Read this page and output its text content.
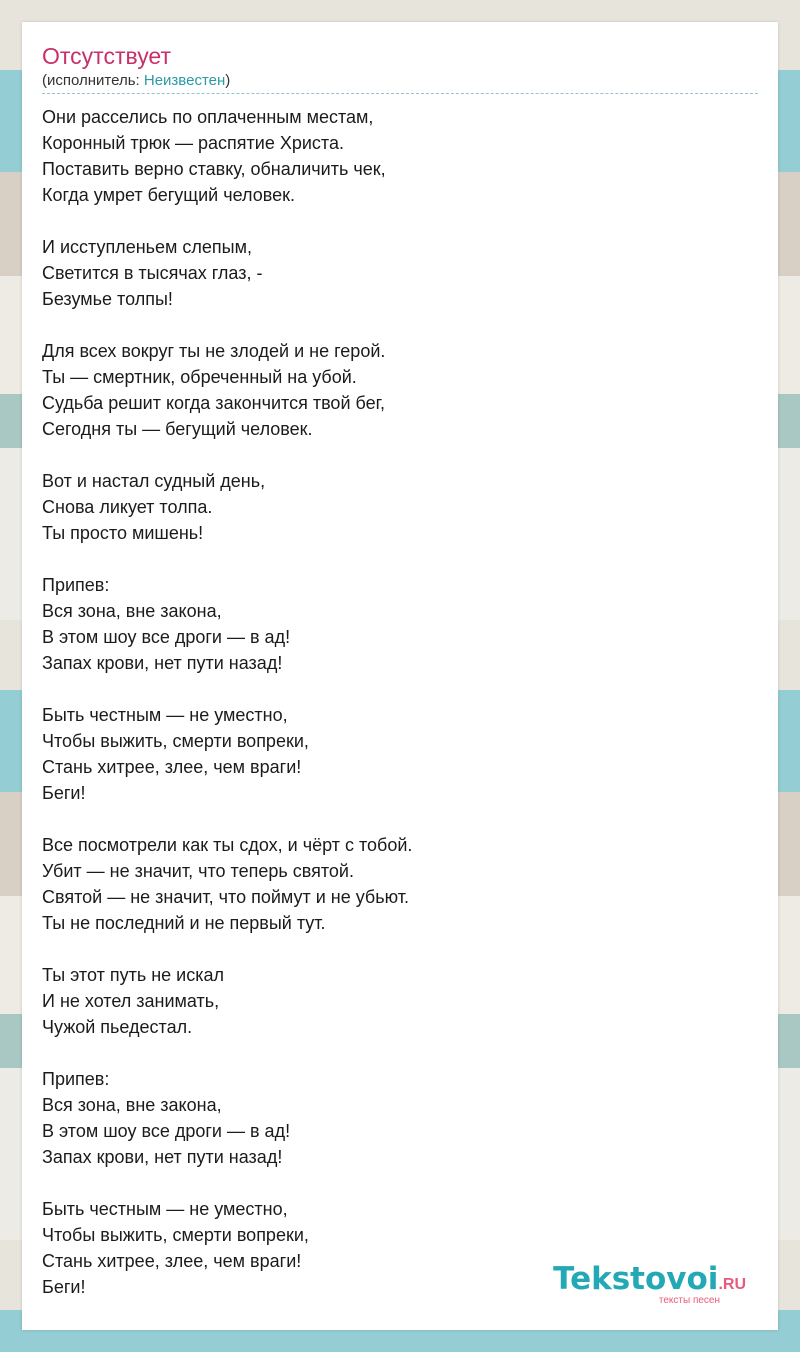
Отсутствует
(исполнитель: Неизвестен)
Они расселись по оплаченным местам,
Коронный трюк — распятие Христа.
Поставить верно ставку, обналичить чек,
Когда умрет бегущий человек.
И исступленьем слепым,
Светится в тысячах глаз, -
Безумье толпы!
Для всех вокруг ты не злодей и не герой.
Ты — смертник, обреченный на убой.
Судьба решит когда закончится твой бег,
Сегодня ты — бегущий человек.
Вот и настал судный день,
Снова ликует толпа.
Ты просто мишень!
Припев:
Вся зона, вне закона,
В этом шоу все дроги — в ад!
Запах крови, нет пути назад!
Быть честным — не уместно,
Чтобы выжить, смерти вопреки,
Стань хитрее, злее, чем враги!
Беги!
Все посмотрели как ты сдох, и чёрт с тобой.
Убит — не значит, что теперь святой.
Святой — не значит, что поймут и не убьют.
Ты не последний и не первый тут.
Ты этот путь не искал
И не хотел занимать,
Чужой пьедестал.
Припев:
Вся зона, вне закона,
В этом шоу все дроги — в ад!
Запах крови, нет пути назад!
Быть честным — не уместно,
Чтобы выжить, смерти вопреки,
Стань хитрее, злее, чем враги!
Беги!	Tekstovoi.RU
тексты песен
